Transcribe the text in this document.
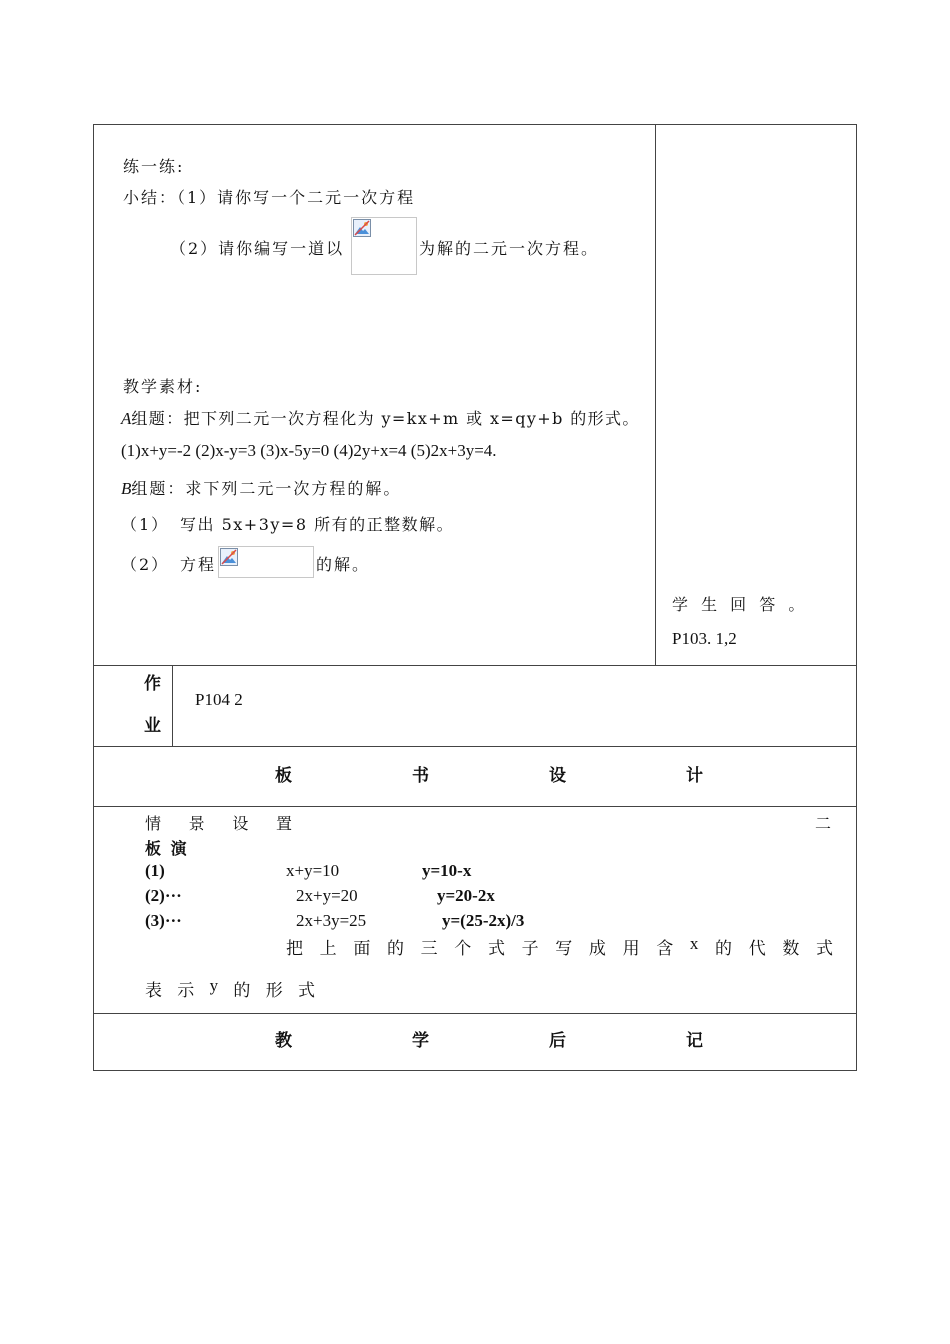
练一练:
小结：（1）请你写一个二元一次方程
（2）请你编写一道以	为解的二元一次方程。
教学素材:
A组题：把下列二元一次方程化为 y=kx+m 或 x=qy+b 的形式。
(1)x+y=-2 (2)x-y=3 (3)x-5y=0 (4)2y+x=4 (5)2x+3y=4.
B组题：求下列二元一次方程的解。
（1） 写出 5x+3y=8 所有的正整数解。
（2） 方程	的解。
学 生 回 答 。
P103. 1,2
作
业
P104 2
板	书	设	计
情 景 设 置	二
板 演
(1)	x+y=10	y=10-x
(2)···	2x+y=20	y=20-2x
(3)···	2x+3y=25	y=(25-2x)/3
把 上 面 的 三 个 式 子 写 成 用 含 x 的 代 数 式
表 示 y 的 形 式
教	学	后	记
